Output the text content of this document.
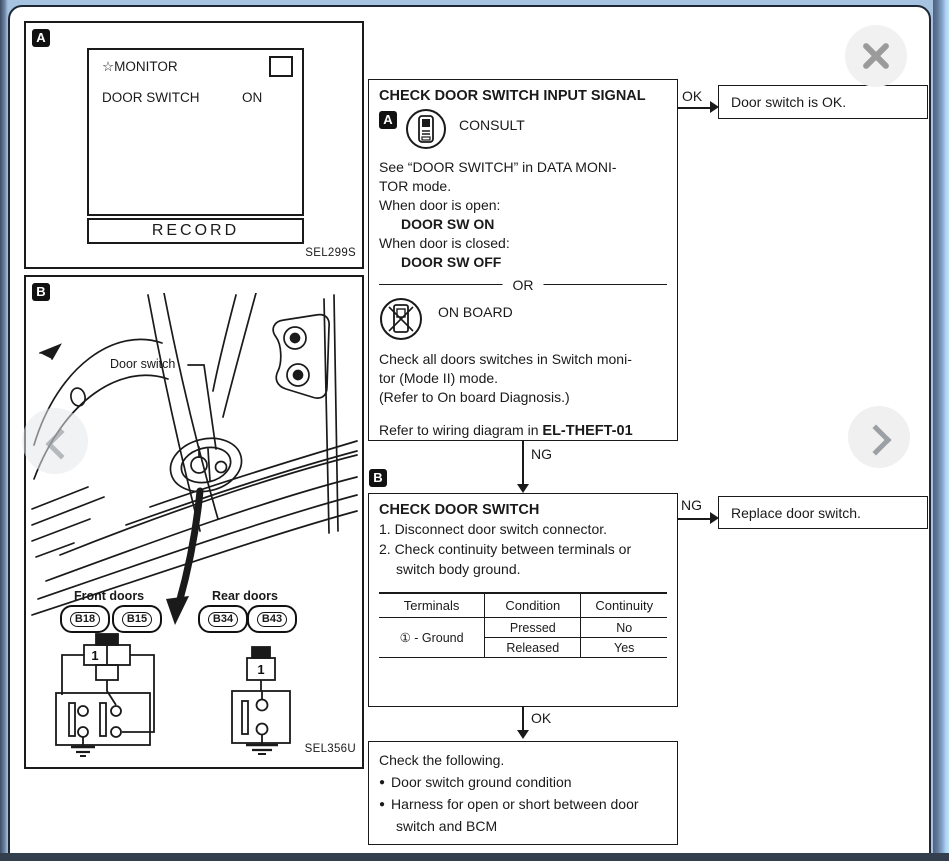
A
☆MONITOR
DOOR SWITCH	ON
RECORD
SEL299S
B
Door switch
Front doors	Rear doors
B18	B15	B34	B43
1
1
SEL356U
CHECK DOOR SWITCH INPUT SIGNAL
A	CONSULT
See “DOOR SWITCH” in DATA MONI-
TOR mode.
When door is open:
DOOR SW ON
When door is closed:
DOOR SW OFF
OR
ON BOARD
Check all doors switches in Switch moni-
tor (Mode II) mode.
(Refer to On board Diagnosis.)
Refer to wiring diagram in EL-THEFT-01
OK	Door switch is OK.
NG
B
CHECK DOOR SWITCH
1. Disconnect door switch connector.
2. Check continuity between terminals or
switch body ground.
Terminals	Condition	Continuity
① - Ground	Pressed	No
	Released	Yes
NG	Replace door switch.
OK
Check the following.
● Door switch ground condition
● Harness for open or short between door
switch and BCM
